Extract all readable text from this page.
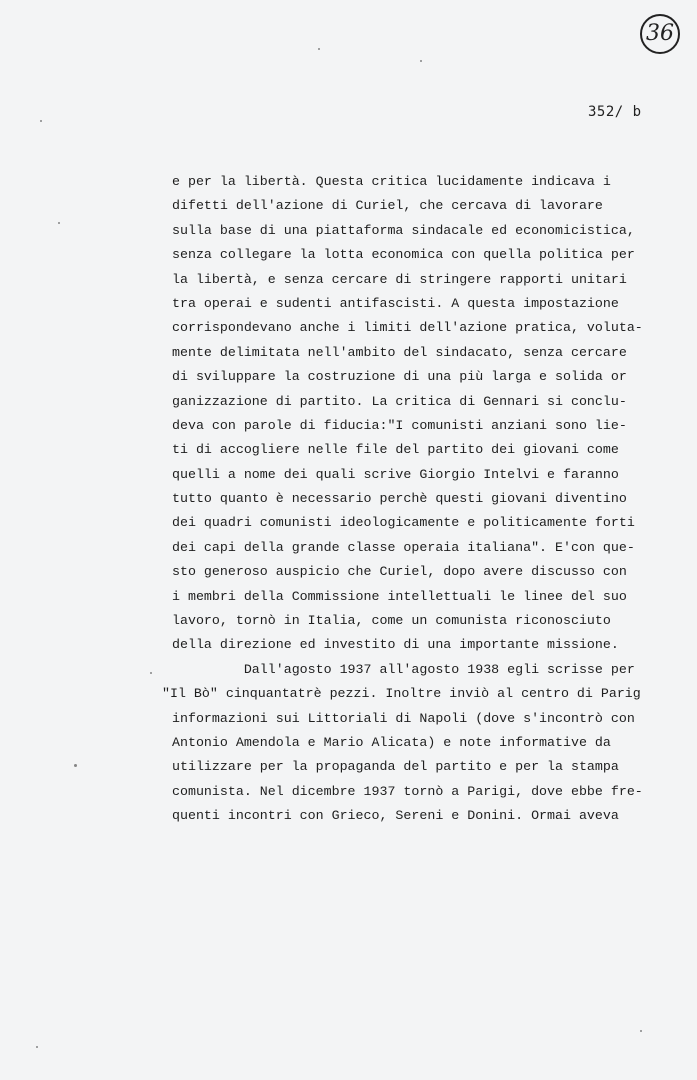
36
352/ b
e per la libertà. Questa critica lucidamente indicava i
difetti dell'azione di Curiel, che cercava di lavorare
sulla base di una piattaforma sindacale ed economicistica,
senza collegare la lotta economica con quella politica per
la libertà, e senza cercare di stringere rapporti unitari
tra operai e sudenti antifascisti. A questa impostazione
corrispondevano anche i limiti dell'azione pratica, voluta-
mente delimitata nell'ambito del sindacato, senza cercare
di sviluppare la costruzione di una più larga e solida or
ganizzazione di partito. La critica di Gennari si conclu-
deva con parole di fiducia:"I comunisti anziani sono lie-
ti di accogliere nelle file del partito dei giovani come
quelli a nome dei quali scrive Giorgio Intelvi e faranno
tutto quanto è necessario perchè questi giovani diventino
dei quadri comunisti ideologicamente e politicamente forti
dei capi della grande classe operaia italiana". E'con que-
sto generoso auspicio che Curiel, dopo avere discusso con
i membri della Commissione intellettuali le linee del suo
lavoro, tornò in Italia, come un comunista riconosciuto
della direzione ed investito di una importante missione.
Dall'agosto 1937 all'agosto 1938 egli scrisse per
"Il Bò" cinquantatrè pezzi. Inoltre inviò al centro di Parig
informazioni sui Littoriali di Napoli (dove s'incontrò con
Antonio Amendola e Mario Alicata) e note informative da
utilizzare per la propaganda del partito e per la stampa
comunista. Nel dicembre 1937 tornò a Parigi, dove ebbe fre-
quenti incontri con Grieco, Sereni e Donini. Ormai aveva
